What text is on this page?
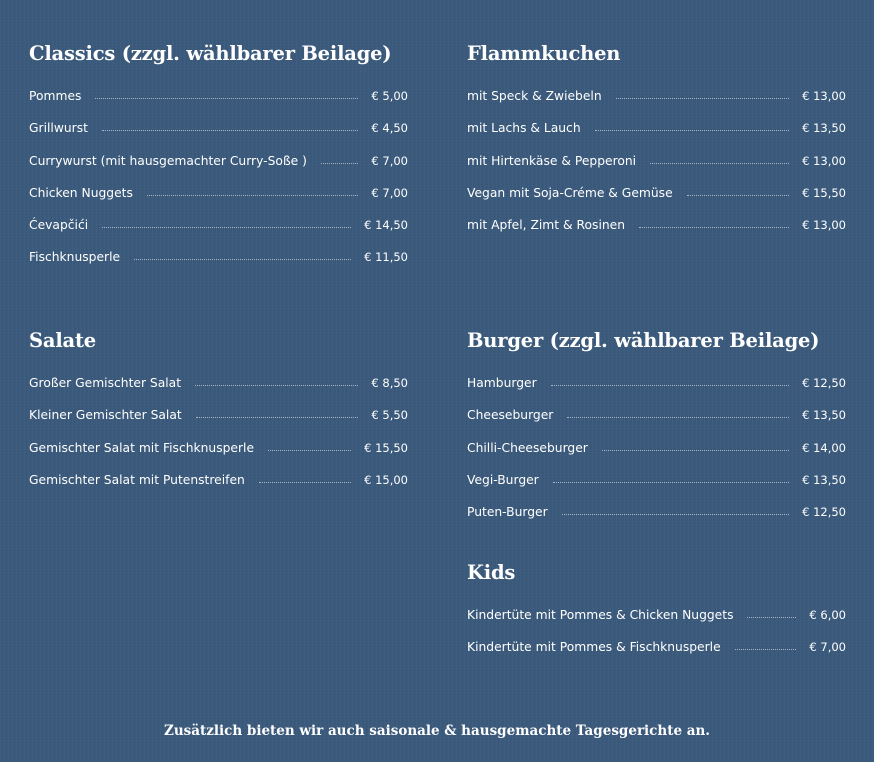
Classics (zzgl. wählbarer Beilage)
Pommes	€ 5,00
Grillwurst	€ 4,50
Currywurst (mit hausgemachter Curry-Soße )	€ 7,00
Chicken Nuggets	€ 7,00
Ćevapčići	€ 14,50
Fischknusperle	€ 11,50
Flammkuchen
mit Speck & Zwiebeln	€ 13,00
mit Lachs & Lauch	€ 13,50
mit Hirtenkäse & Pepperoni	€ 13,00
Vegan mit Soja-Créme & Gemüse	€ 15,50
mit Apfel, Zimt & Rosinen	€ 13,00
Salate
Großer Gemischter Salat	€ 8,50
Kleiner Gemischter Salat	€ 5,50
Gemischter Salat mit Fischknusperle	€ 15,50
Gemischter Salat mit Putenstreifen	€ 15,00
Burger (zzgl. wählbarer Beilage)
Hamburger	€ 12,50
Cheeseburger	€ 13,50
Chilli-Cheeseburger	€ 14,00
Vegi-Burger	€ 13,50
Puten-Burger	€ 12,50
Kids
Kindertüte mit Pommes & Chicken Nuggets	€ 6,00
Kindertüte mit Pommes & Fischknusperle	€ 7,00
Zusätzlich bieten wir auch saisonale & hausgemachte Tagesgerichte an.
